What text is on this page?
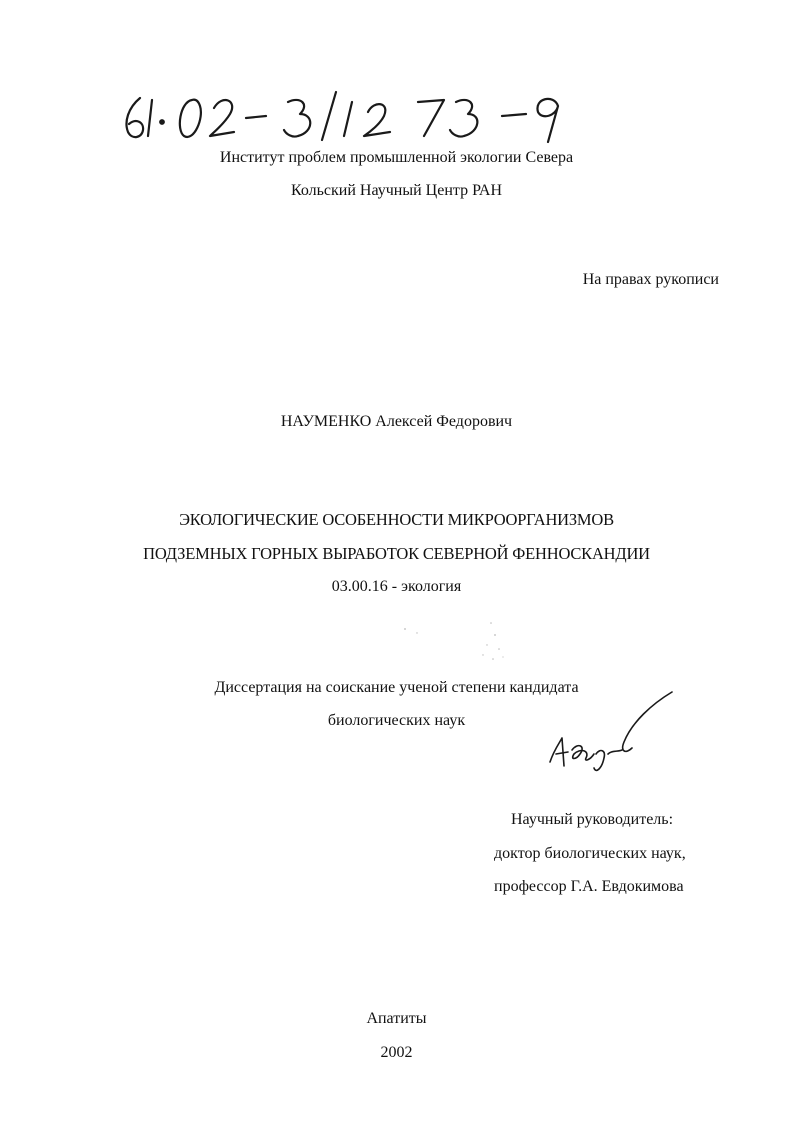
Институт проблем промышленной экологии Севера
Кольский Научный Центр РАН
На правах рукописи
НАУМЕНКО Алексей Федорович
ЭКОЛОГИЧЕСКИЕ ОСОБЕННОСТИ МИКРООРГАНИЗМОВ
ПОДЗЕМНЫХ ГОРНЫХ ВЫРАБОТОК СЕВЕРНОЙ ФЕННОСКАНДИИ
03.00.16 - экология
Диссертация на соискание ученой степени кандидата
биологических наук
Научный руководитель:
доктор биологических наук,
профессор Г.А. Евдокимова
Апатиты
2002
